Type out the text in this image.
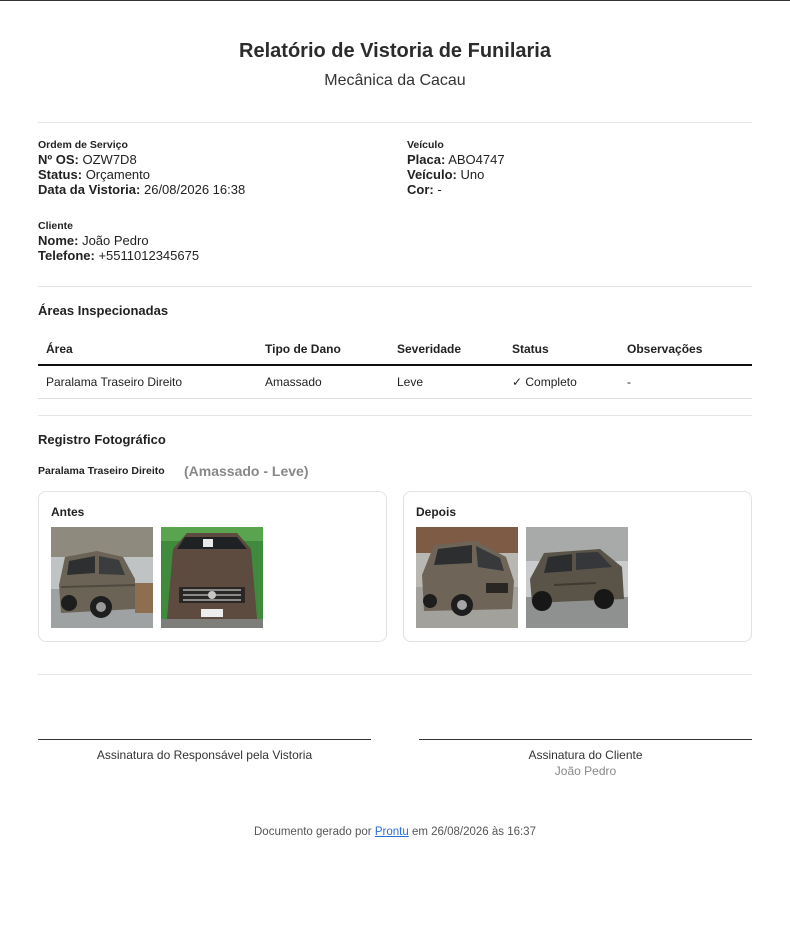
Relatório de Vistoria de Funilaria
Mecânica da Cacau
Ordem de Serviço
Nº OS: OZW7D8
Status: Orçamento
Data da Vistoria: 26/08/2026 16:38
Veículo
Placa: ABO4747
Veículo: Uno
Cor: -
Cliente
Nome: João Pedro
Telefone: +5511012345675
Áreas Inspecionadas
Área	Tipo de Dano	Severidade	Status	Observações
Paralama Traseiro Direito	Amassado	Leve	✓ Completo	-
Registro Fotográfico
Paralama Traseiro Direito (Amassado - Leve)
Antes	Depois
Assinatura do Responsável pela Vistoria	Assinatura do Cliente
João Pedro
Documento gerado por Prontu em 26/08/2026 às 16:37
